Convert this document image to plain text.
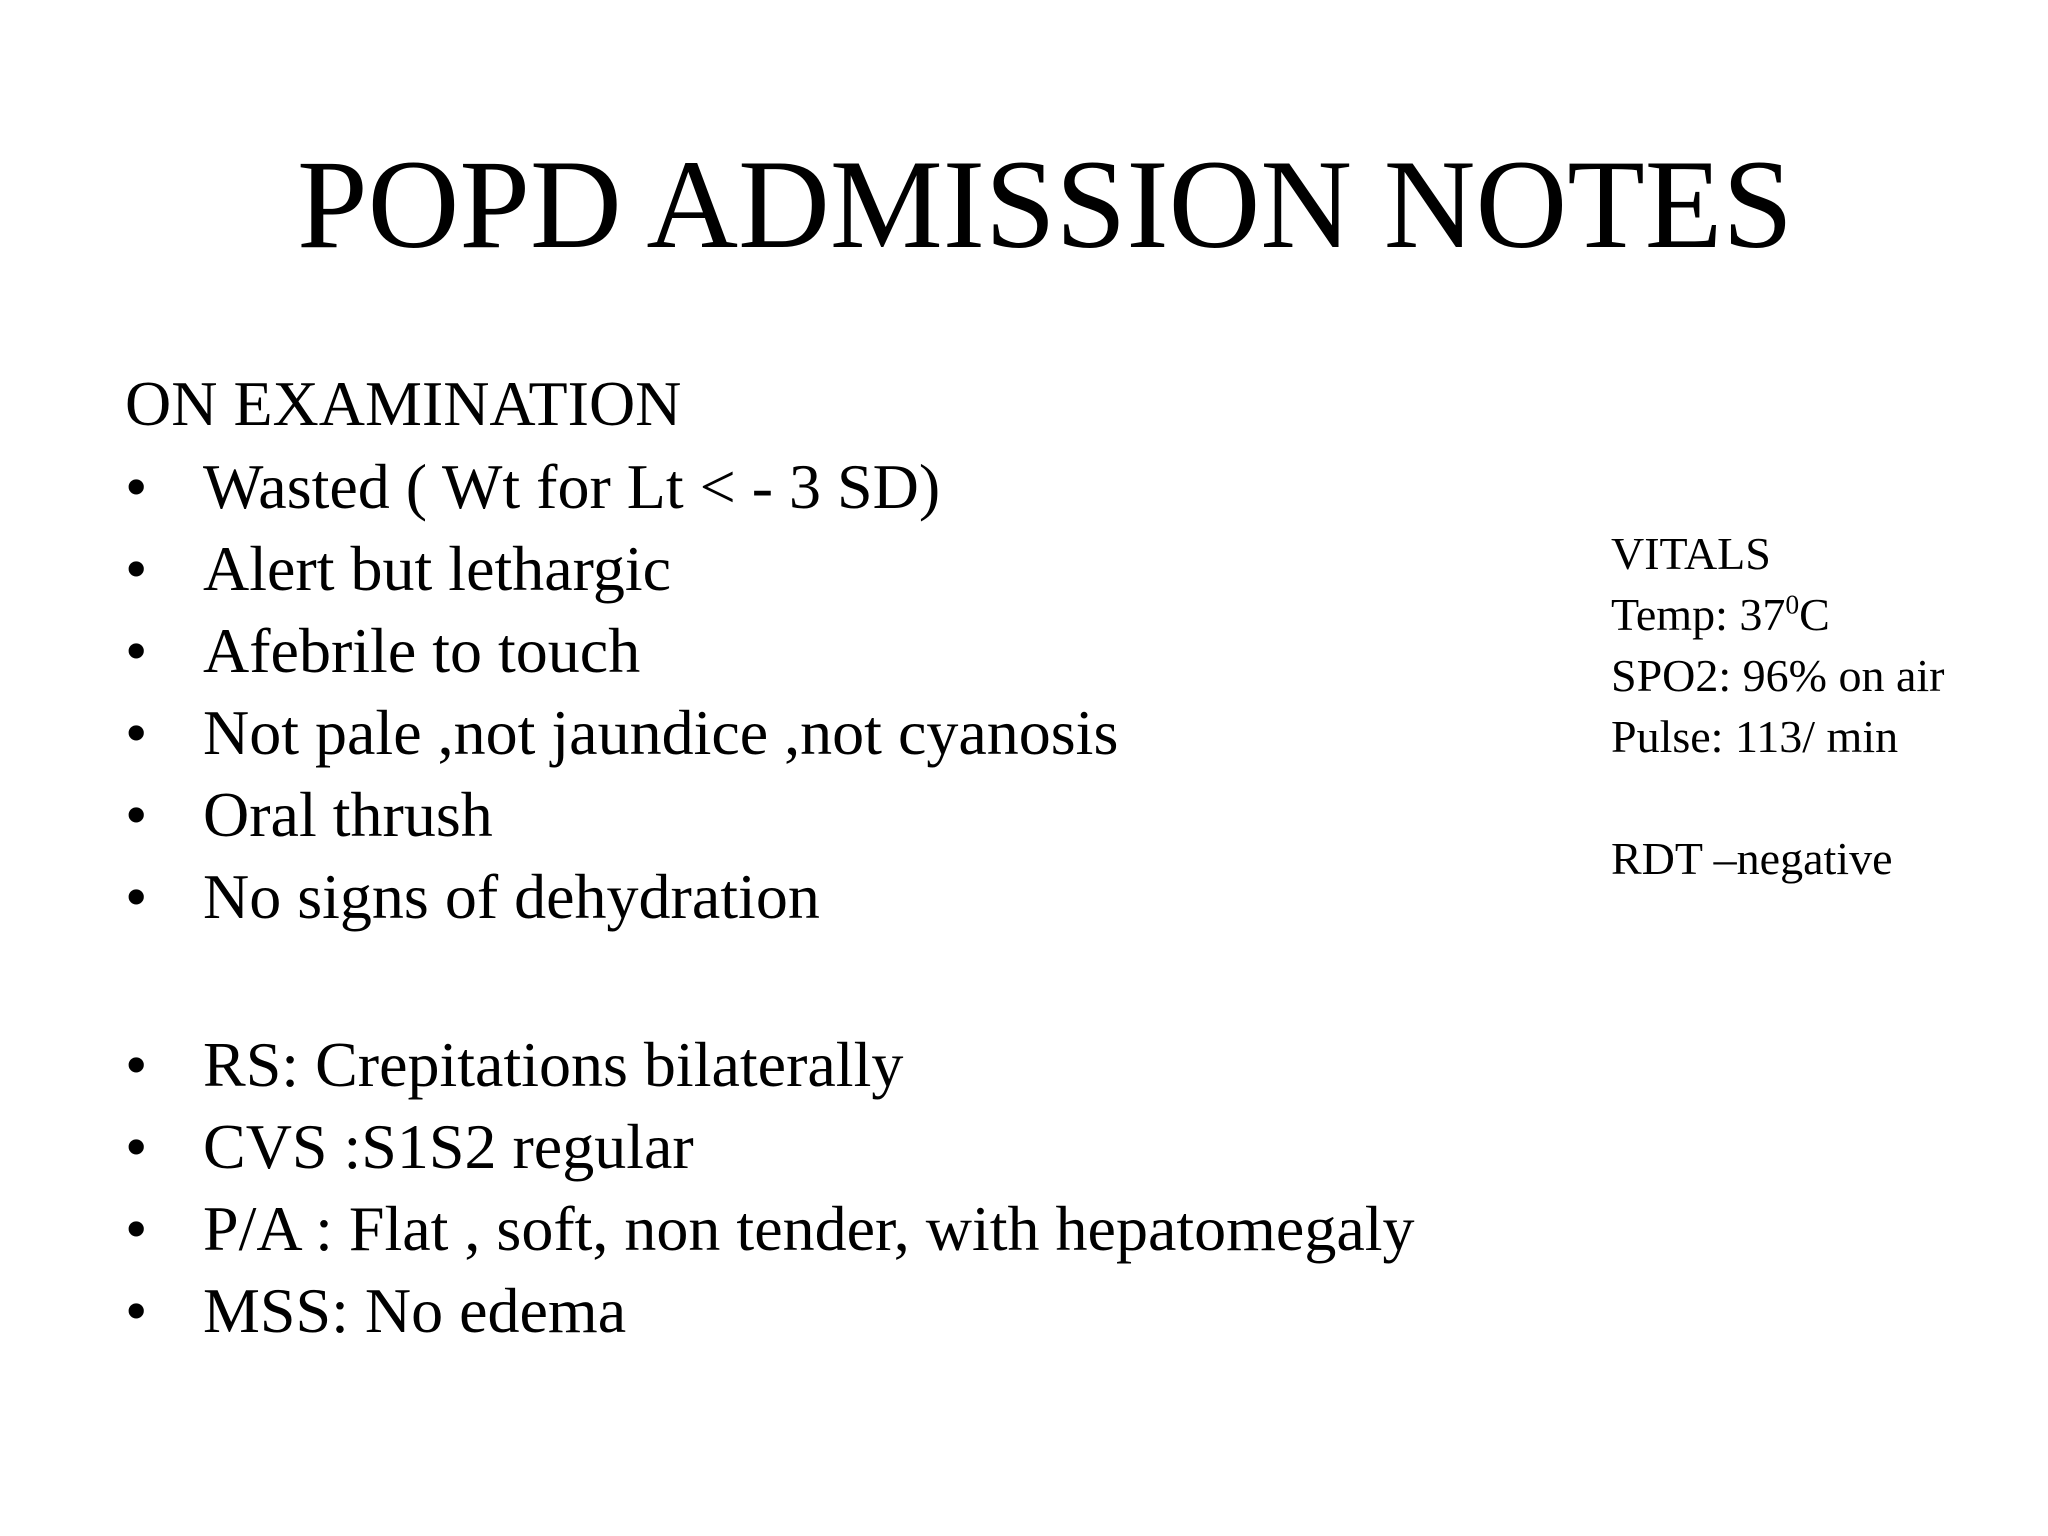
POPD ADMISSION NOTES
ON EXAMINATION
• Wasted ( Wt for Lt < - 3 SD)
• Alert but lethargic
• Afebrile to touch
• Not pale ,not jaundice ,not cyanosis
• Oral thrush
• No signs of dehydration
• RS: Crepitations bilaterally
• CVS :S1S2 regular
• P/A : Flat , soft, non tender, with hepatomegaly
• MSS: No edema
VITALS
Temp: $37^0C$
SPO2: 96% on air
Pulse: 113/ min
RDT –negative
